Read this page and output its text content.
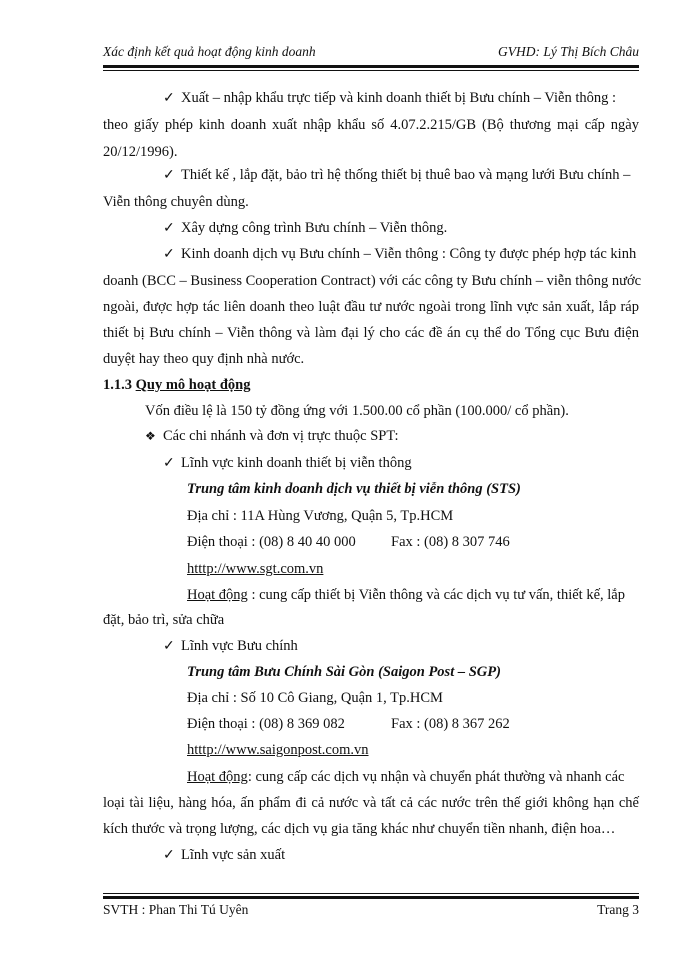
Xác định kết quả hoạt động kinh doanh	GVHD: Lý Thị Bích Châu
✓ Xuất – nhập khẩu trực tiếp và kinh doanh thiết bị Bưu chính – Viễn thông :
theo giấy phép kinh doanh xuất nhập khẩu số 4.07.2.215/GB (Bộ thương mại cấp ngày
20/12/1996).
✓ Thiết kế , lắp đặt, bảo trì hệ thống thiết bị thuê bao và mạng lưới Bưu chính –
Viễn thông chuyên dùng.
✓ Xây dựng công trình Bưu chính – Viễn thông.
✓ Kinh doanh dịch vụ Bưu chính – Viễn thông : Công ty được phép hợp tác kinh
doanh (BCC – Business Cooperation Contract) với các công ty Bưu chính – viễn thông nước
ngoài, được hợp tác liên doanh theo luật đầu tư nước ngoài trong lĩnh vực sản xuất, lắp ráp
thiết bị Bưu chính – Viễn thông và làm đại lý cho các đề án cụ thể do Tổng cục Bưu điện
duyệt hay theo quy định nhà nước.
1.1.3 Quy mô hoạt động
Vốn điều lệ là 150 tỷ đồng ứng với 1.500.00 cổ phần (100.000/ cổ phần).
❖ Các chi nhánh và đơn vị trực thuộc SPT:
✓ Lĩnh vực kinh doanh thiết bị viễn thông
Trung tâm kinh doanh dịch vụ thiết bị viễn thông (STS)
Địa chỉ : 11A Hùng Vương, Quận 5, Tp.HCM
Điện thoại : (08) 8 40 40 000 Fax : (08) 8 307 746
htttp://www.sgt.com.vn
Hoạt động : cung cấp thiết bị Viễn thông và các dịch vụ tư vấn, thiết kế, lắp
đặt, bảo trì, sửa chữa
✓ Lĩnh vực Bưu chính
Trung tâm Bưu Chính Sài Gòn (Saigon Post – SGP)
Địa chỉ : Số 10 Cô Giang, Quận 1, Tp.HCM
Điện thoại : (08) 8 369 082	Fax : (08) 8 367 262
htttp://www.saigonpost.com.vn
Hoạt động: cung cấp các dịch vụ nhận và chuyển phát thường và nhanh các
loại tài liệu, hàng hóa, ấn phẩm đi cả nước và tất cả các nước trên thế giới không hạn chế
kích thước và trọng lượng, các dịch vụ gia tăng khác như chuyển tiền nhanh, điện hoa…
✓ Lĩnh vực sản xuất
SVTH : Phan Thi Tú Uyên	Trang 3
